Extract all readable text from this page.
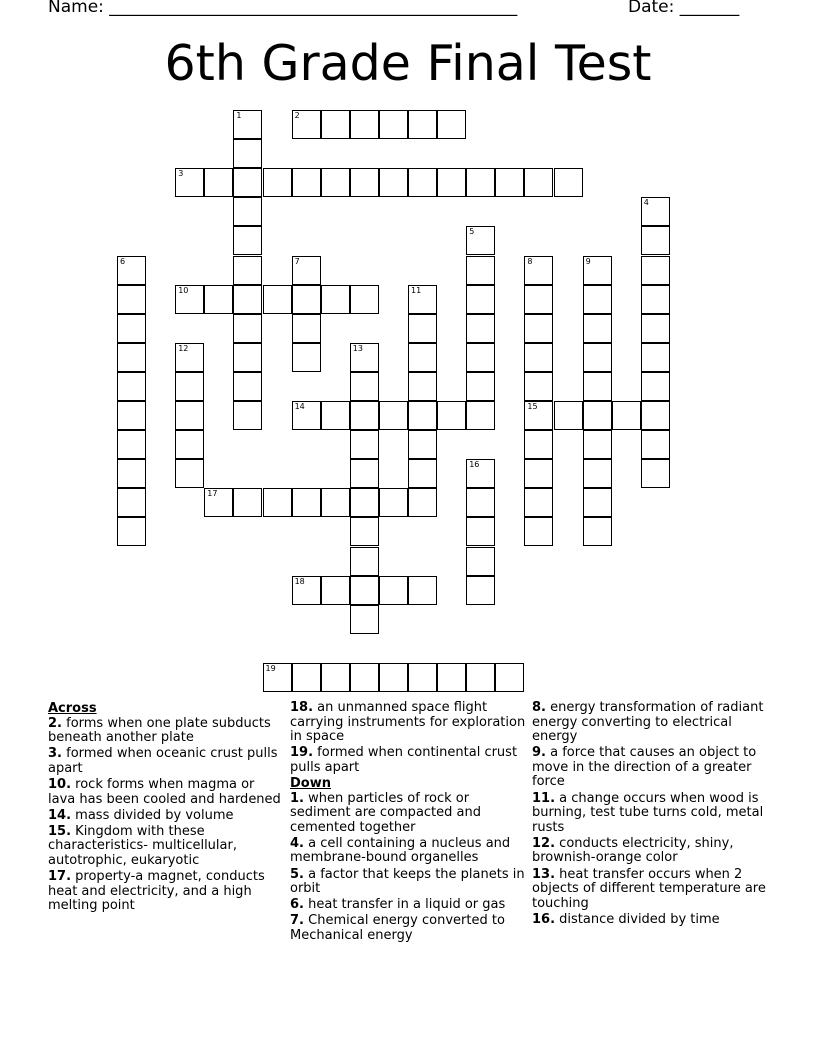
Name: ________________________________________________	Date: _______
6th Grade Final Test
1	2
3
4
5
6	7	8
15
9
10	11
12	13
14
16
17
18
19
Across
2. forms when one plate subducts beneath another plate
3. formed when oceanic crust pulls apart
10. rock forms when magma or lava has been cooled and hardened
14. mass divided by volume
15. Kingdom with these characteristics- multicellular, autotrophic, eukaryotic
17. property-a magnet, conducts heat and electricity, and a high melting point
18. an unmanned space flight carrying instruments for exploration in space
19. formed when continental crust pulls apart
Down
1. when particles of rock or sediment are compacted and cemented together
4. a cell containing a nucleus and membrane-bound organelles
5. a factor that keeps the planets in orbit
6. heat transfer in a liquid or gas
7. Chemical energy converted to Mechanical energy
8. energy transformation of radiant energy converting to electrical energy
9. a force that causes an object to move in the direction of a greater force
11. a change occurs when wood is burning, test tube turns cold, metal rusts
12. conducts electricity, shiny, brownish-orange color
13. heat transfer occurs when 2 objects of different temperature are touching
16. distance divided by time
